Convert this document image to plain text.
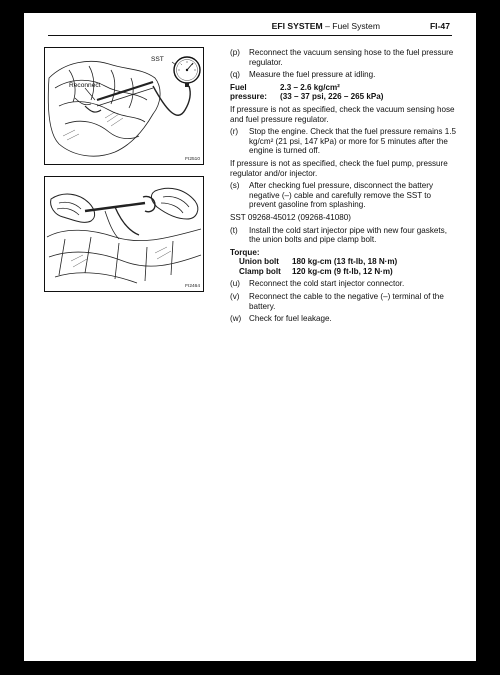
EFI SYSTEM – Fuel System	FI-47
SST
Reconnect
FI2510
FI2464
(p) Reconnect the vacuum sensing hose to the fuel pressure regulator.
(q) Measure the fuel pressure at idling.
Fuel pressure:
2.3 – 2.6 kg/cm²
(33 – 37 psi, 226 – 265 kPa)
If pressure is not as specified, check the vacuum sensing hose and fuel pressure regulator.
(r) Stop the engine. Check that the fuel pressure remains 1.5 kg/cm² (21 psi, 147 kPa) or more for 5 minutes after the engine is turned off.
If pressure is not as specified, check the fuel pump, pressure regulator and/or injector.
(s) After checking fuel pressure, disconnect the battery negative (–) cable and carefully remove the SST to prevent gasoline from splashing.
SST 09268-45012 (09268-41080)
(t) Install the cold start injector pipe with new four gaskets, the union bolts and pipe clamp bolt.
Torque:
Union bolt	180 kg-cm (13 ft-lb, 18 N·m)
Clamp bolt	120 kg-cm (9 ft-lb, 12 N·m)
(u) Reconnect the cold start injector connector.
(v) Reconnect the cable to the negative (–) terminal of the battery.
(w) Check for fuel leakage.
